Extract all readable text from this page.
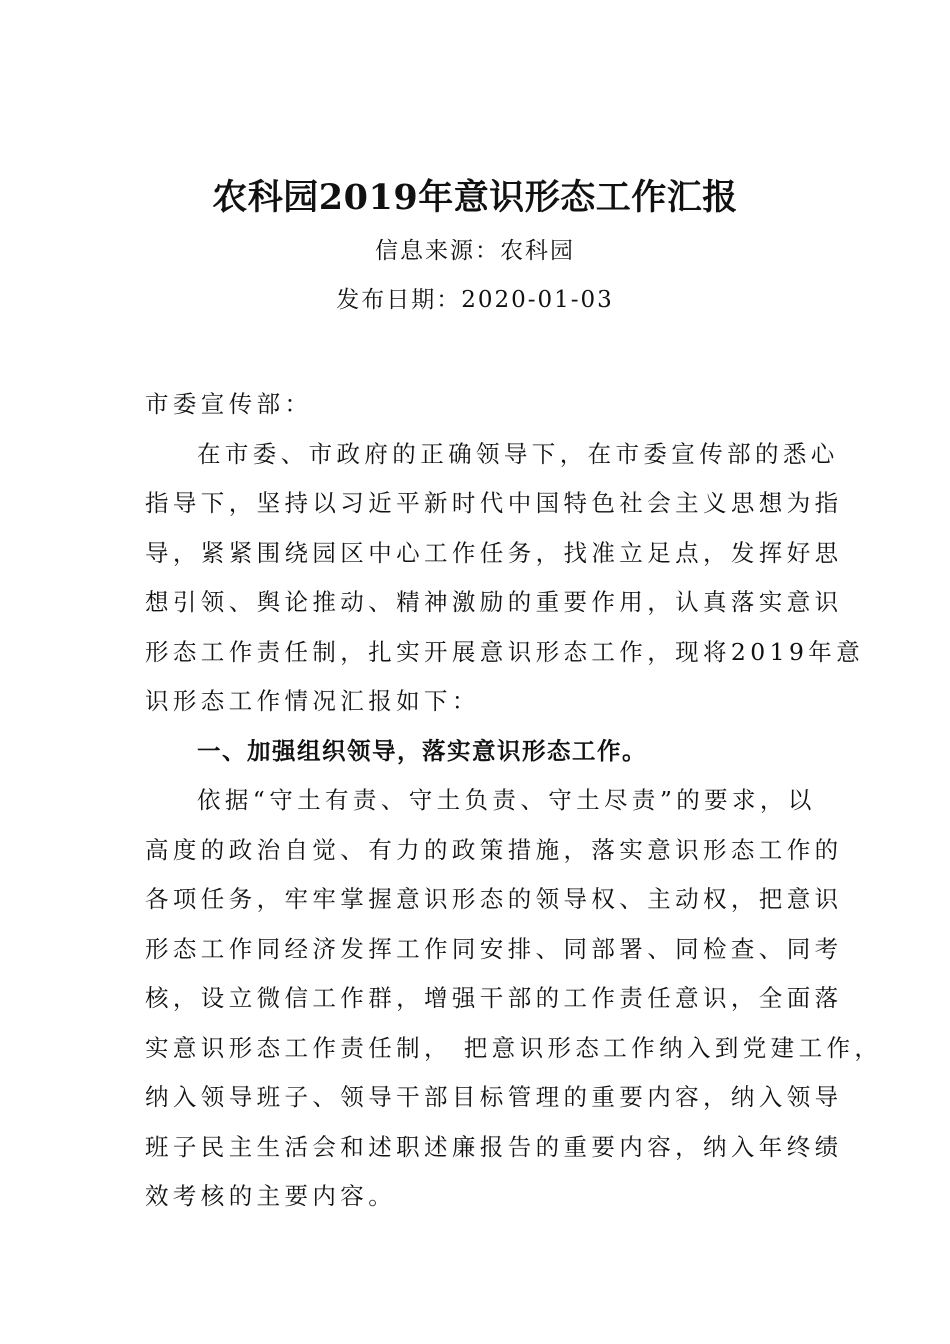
农科园2019年意识形态工作汇报
信息来源：农科园
发布日期：2020-01-03
市委宣传部：
在市委、市政府的正确领导下，在市委宣传部的悉心
指导下，坚持以习近平新时代中国特色社会主义思想为指
导，紧紧围绕园区中心工作任务，找准立足点，发挥好思
想引领、舆论推动、精神激励的重要作用，认真落实意识
形态工作责任制，扎实开展意识形态工作，现将2019年意
识形态工作情况汇报如下：
一、加强组织领导，落实意识形态工作。
依据“守土有责、守土负责、守土尽责”的要求，以
高度的政治自觉、有力的政策措施，落实意识形态工作的
各项任务，牢牢掌握意识形态的领导权、主动权，把意识
形态工作同经济发挥工作同安排、同部署、同检查、同考
核，设立微信工作群，增强干部的工作责任意识，全面落
实意识形态工作责任制， 把意识形态工作纳入到党建工作，
纳入领导班子、领导干部目标管理的重要内容，纳入领导
班子民主生活会和述职述廉报告的重要内容，纳入年终绩
效考核的主要内容。
